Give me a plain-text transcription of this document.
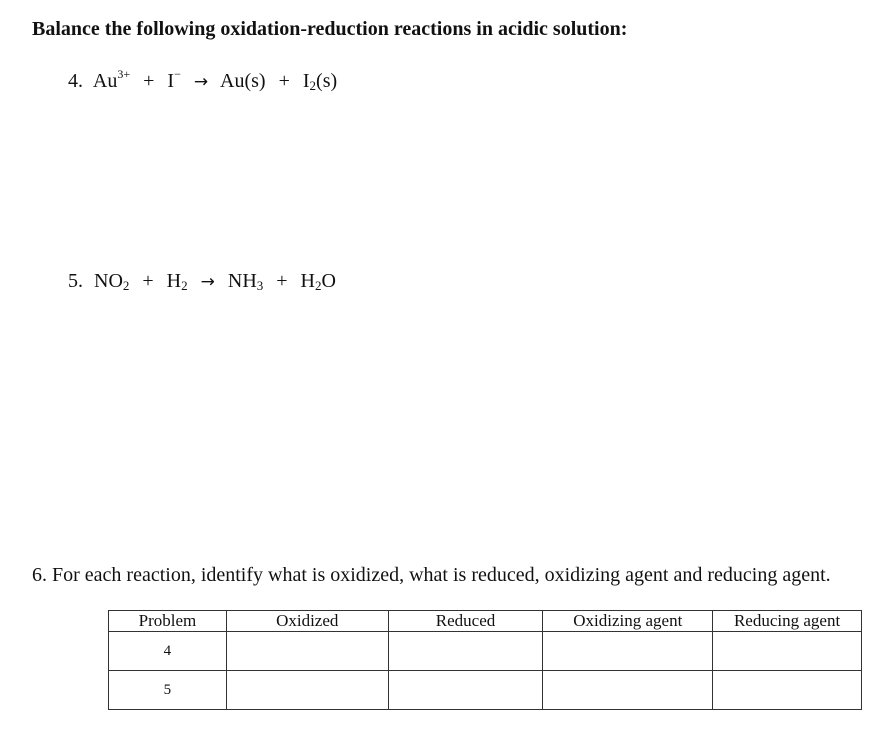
Balance the following oxidation-reduction reactions in acidic solution:
4. $Au^{3+} + I^- \to Au(s) + I_2(s)$
5. $NO_2 + H_2 \to NH_3 + H_2O$

6. For each reaction, identify what is oxidized, what is reduced, oxidizing agent and reducing agent.

Problem	Oxidized	Reduced	Oxidizing agent	Reducing agent
4				
5				
